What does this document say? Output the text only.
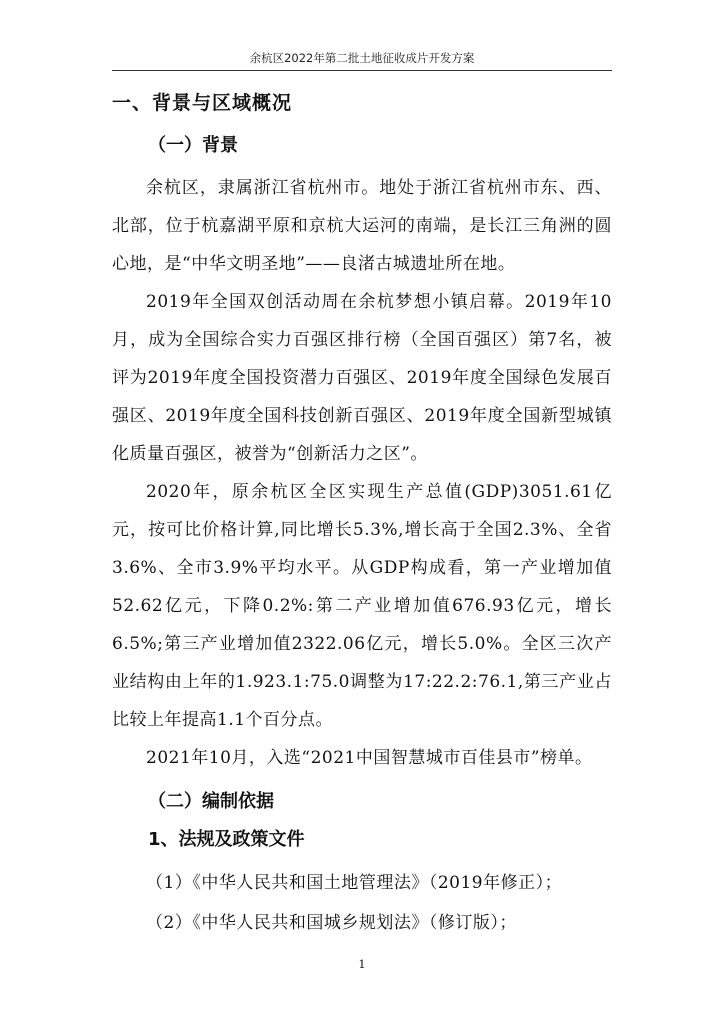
余杭区2022年第二批土地征收成片开发方案
一、背景与区域概况
（一）背景

余杭区，隶属浙江省杭州市。地处于浙江省杭州市东、西、北部，位于杭嘉湖平原和京杭大运河的南端，是长江三角洲的圆心地，是“中华文明圣地”——良渚古城遗址所在地。

2019年全国双创活动周在余杭梦想小镇启幕。2019年10月，成为全国综合实力百强区排行榜（全国百强区）第7名，被评为2019年度全国投资潜力百强区、2019年度全国绿色发展百强区、2019年度全国科技创新百强区、2019年度全国新型城镇化质量百强区，被誉为“创新活力之区”。

2020年，原余杭区全区实现生产总值(GDP)3051.61亿元，按可比价格计算,同比增长5.3%,增长高于全国2.3%、全省3.6%、全市3.9%平均水平。从GDP构成看，第一产业增加值52.62亿元，下降0.2%:第二产业增加值676.93亿元，增长6.5%;第三产业增加值2322.06亿元，增长5.0%。全区三次产业结构由上年的1.923.1:75.0调整为17:22.2:76.1,第三产业占比较上年提高1.1个百分点。

2021年10月，入选“2021中国智慧城市百佳县市”榜单。

（二）编制依据
1、法规及政策文件

（1）《中华人民共和国土地管理法》（2019年修正）；

（2）《中华人民共和国城乡规划法》（修订版）；

1
